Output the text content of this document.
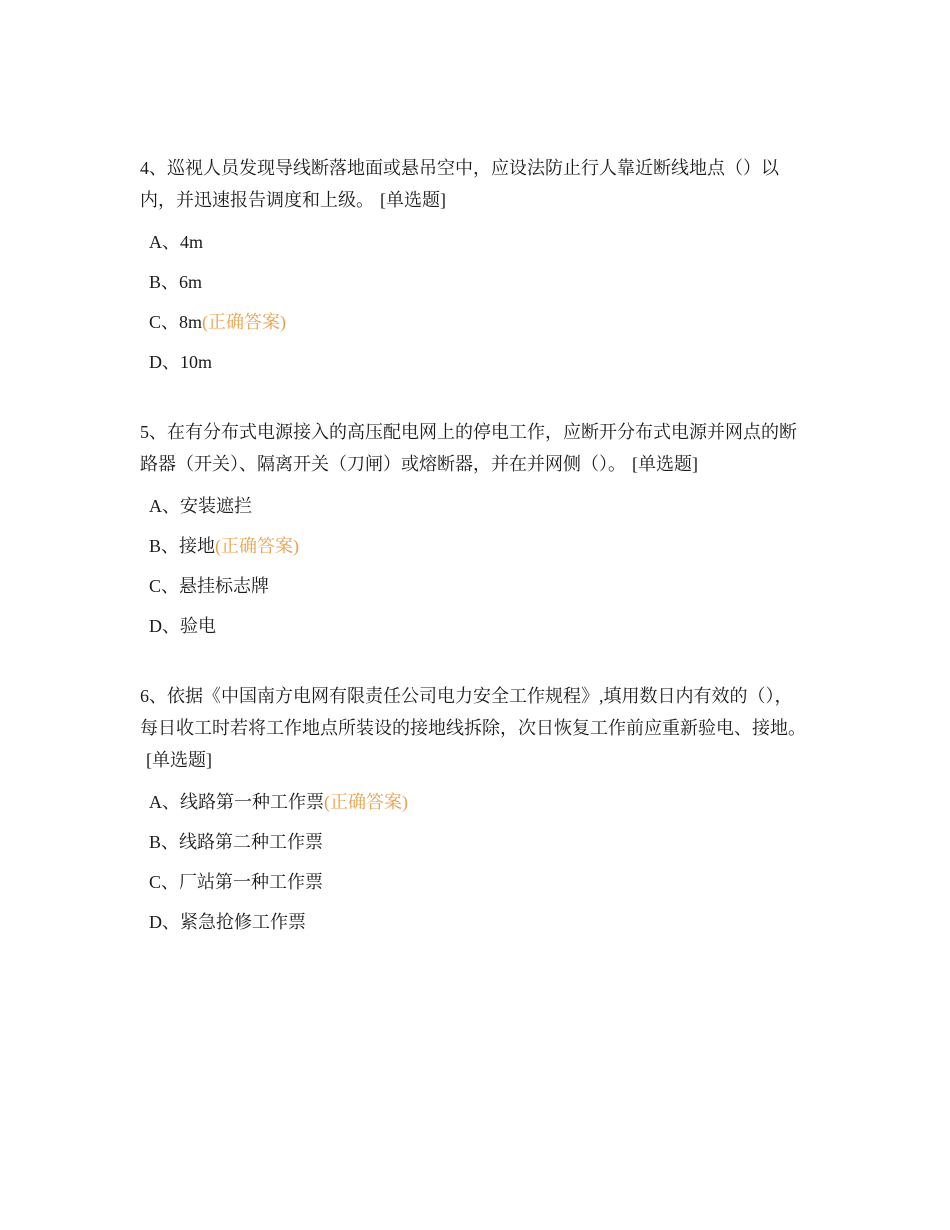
4、巡视人员发现导线断落地面或悬吊空中，应设法防止行人靠近断线地点（）以内，并迅速报告调度和上级。 [单选题]

A、4m
B、6m
C、8m(正确答案)
D、10m

5、在有分布式电源接入的高压配电网上的停电工作，应断开分布式电源并网点的断路器（开关）、隔离开关（刀闸）或熔断器，并在并网侧（）。 [单选题]

A、安装遮拦
B、接地(正确答案)
C、悬挂标志牌
D、验电

6、依据《中国南方电网有限责任公司电力安全工作规程》,填用数日内有效的（），每日收工时若将工作地点所装设的接地线拆除，次日恢复工作前应重新验电、接地。[单选题]

A、线路第一种工作票(正确答案)
B、线路第二种工作票
C、厂站第一种工作票
D、紧急抢修工作票
